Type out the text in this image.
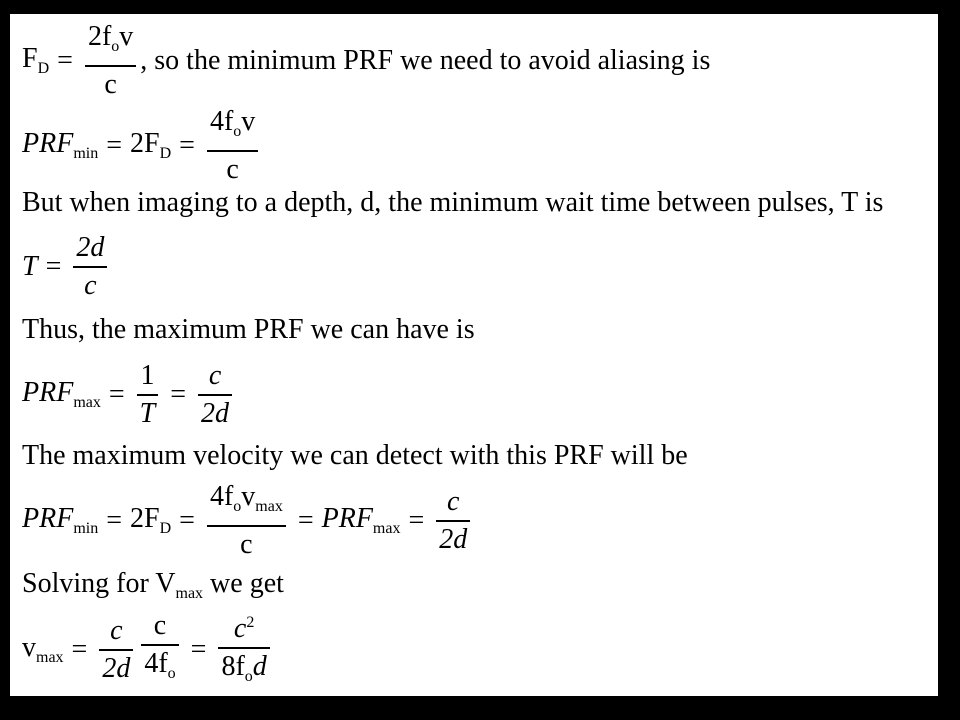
$F_D = \frac{2f_ov}{c}$ , so the minimum PRF we need to avoid aliasing is
$PRF_{min} = 2F_D = \frac{4f_ov}{c}$
But when imaging to a depth, d, the minimum wait time between pulses, T is
$T = \frac{2d}{c}$
Thus, the maximum PRF we can have is
$PRF_{max} = \frac{1}{T} = \frac{c}{2d}$
The maximum velocity we can detect with this PRF will be
$PRF_{min} = 2F_D = \frac{4f_ov_{max}}{c} = PRF_{max} = \frac{c}{2d}$
Solving for $V_{max}$ we get
$v_{max} = \frac{c}{2d} \frac{c}{4f_o} = \frac{c^2}{8f_od}$
